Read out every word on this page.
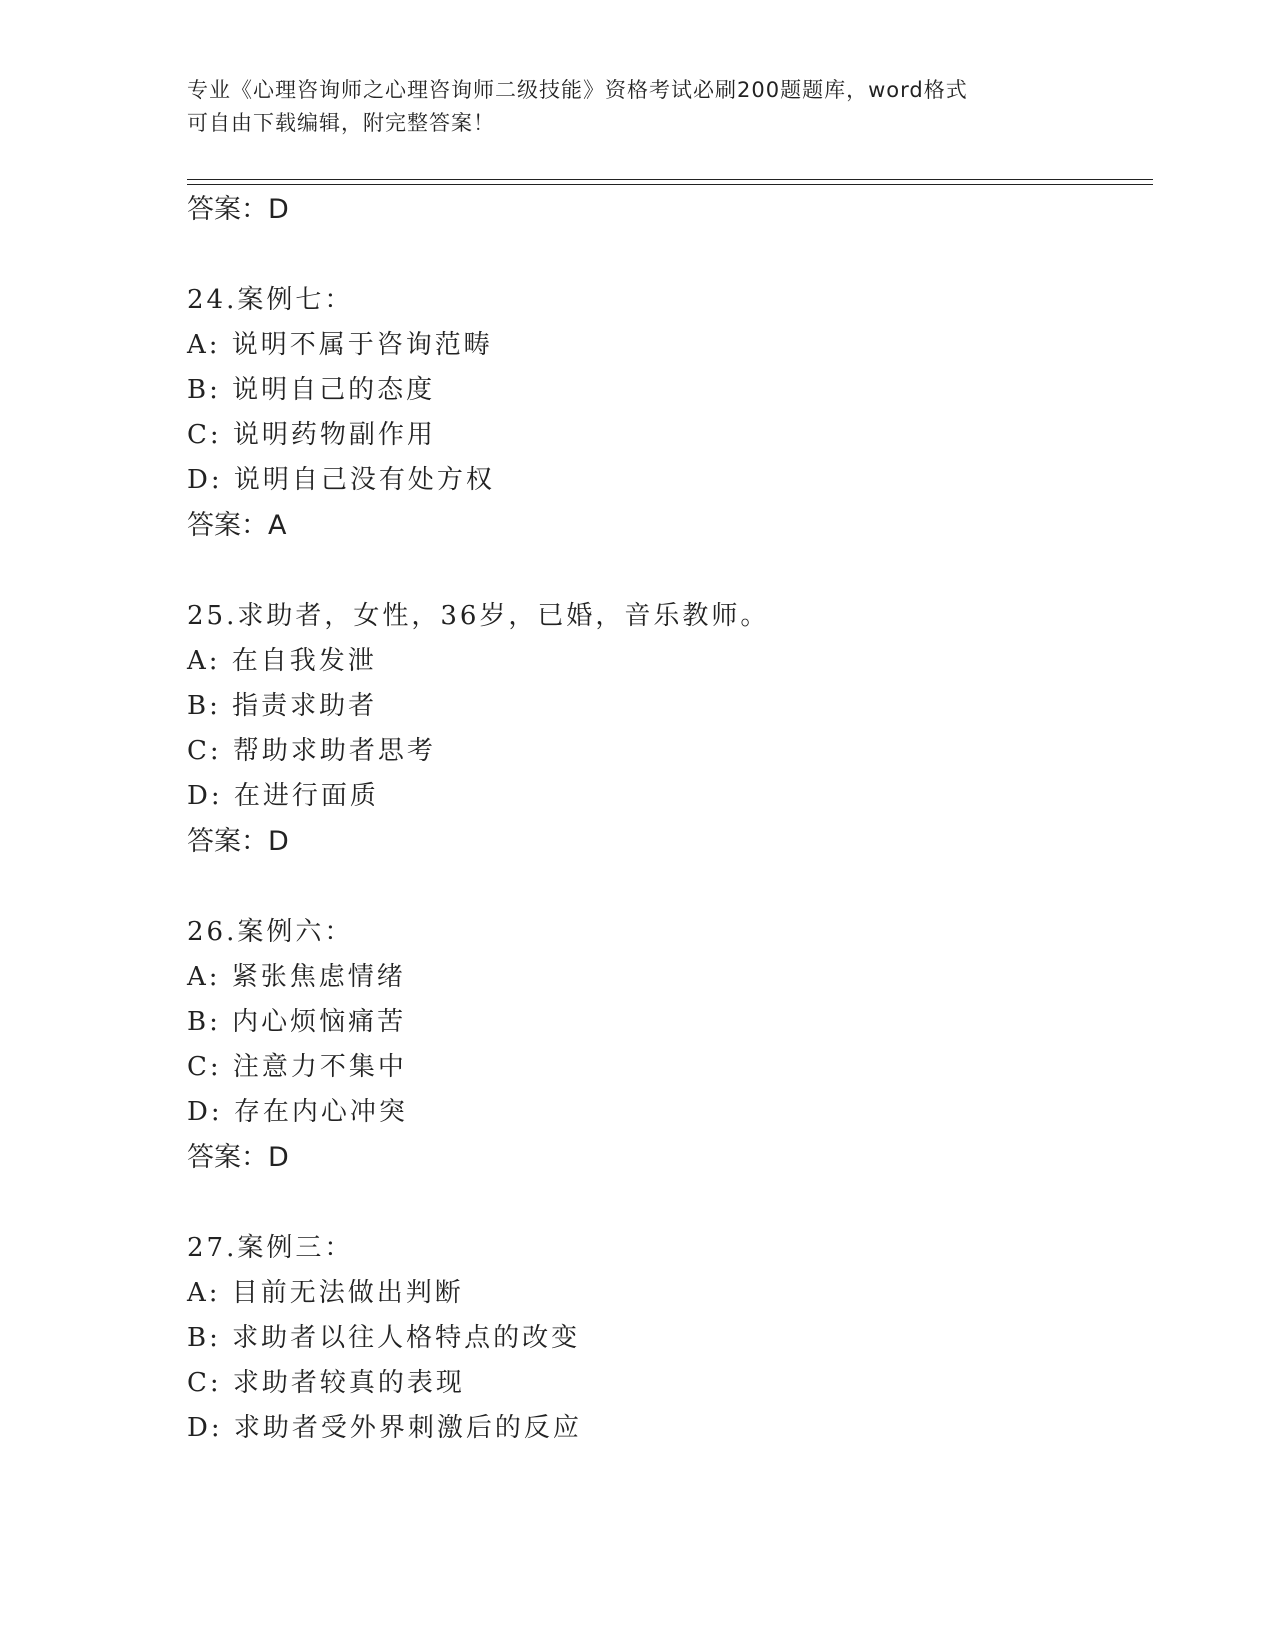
专业《心理咨询师之心理咨询师二级技能》资格考试必刷200题题库，word格式
可自由下载编辑，附完整答案！
答案：D
24.案例七：
A: 说明不属于咨询范畴
B: 说明自己的态度
C: 说明药物副作用
D: 说明自己没有处方权
答案：A
25.求助者，女性，36岁，已婚，音乐教师。
A: 在自我发泄
B: 指责求助者
C: 帮助求助者思考
D: 在进行面质
答案：D
26.案例六：
A: 紧张焦虑情绪
B: 内心烦恼痛苦
C: 注意力不集中
D: 存在内心冲突
答案：D
27.案例三：
A: 目前无法做出判断
B: 求助者以往人格特点的改变
C: 求助者较真的表现
D: 求助者受外界刺激后的反应
